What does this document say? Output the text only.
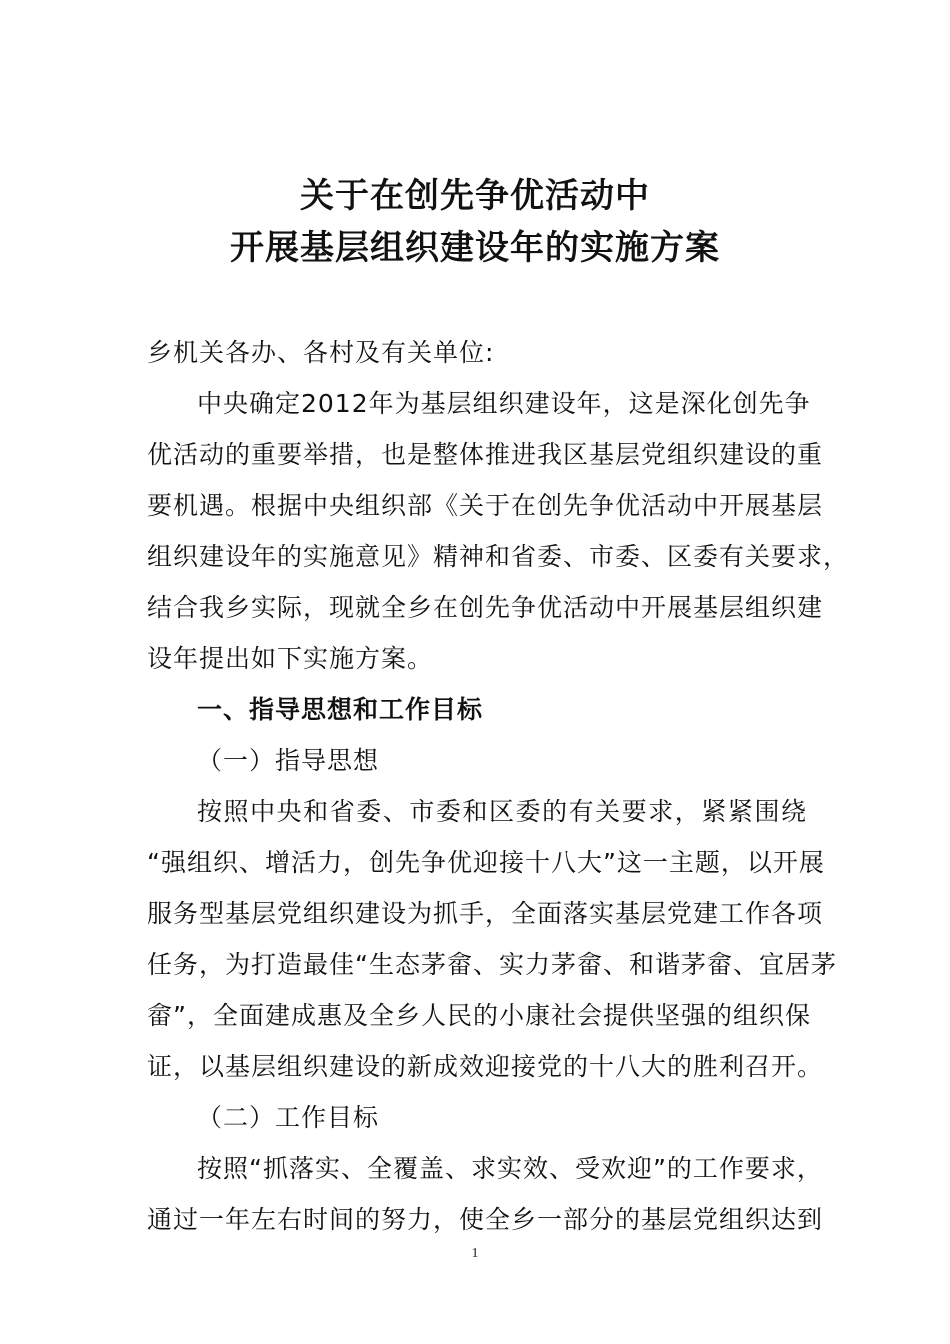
关于在创先争优活动中
开展基层组织建设年的实施方案
乡机关各办、各村及有关单位:
中央确定2012年为基层组织建设年，这是深化创先争
优活动的重要举措，也是整体推进我区基层党组织建设的重
要机遇。根据中央组织部《关于在创先争优活动中开展基层
组织建设年的实施意见》精神和省委、市委、区委有关要求，
结合我乡实际，现就全乡在创先争优活动中开展基层组织建
设年提出如下实施方案。
一、指导思想和工作目标
（一）指导思想
按照中央和省委、市委和区委的有关要求，紧紧围绕
“强组织、增活力，创先争优迎接十八大”这一主题，以开展
服务型基层党组织建设为抓手，全面落实基层党建工作各项
任务，为打造最佳“生态茅畲、实力茅畲、和谐茅畲、宜居茅
畲”，全面建成惠及全乡人民的小康社会提供坚强的组织保
证，以基层组织建设的新成效迎接党的十八大的胜利召开。
（二）工作目标
按照“抓落实、全覆盖、求实效、受欢迎”的工作要求，
通过一年左右时间的努力，使全乡一部分的基层党组织达到
1
